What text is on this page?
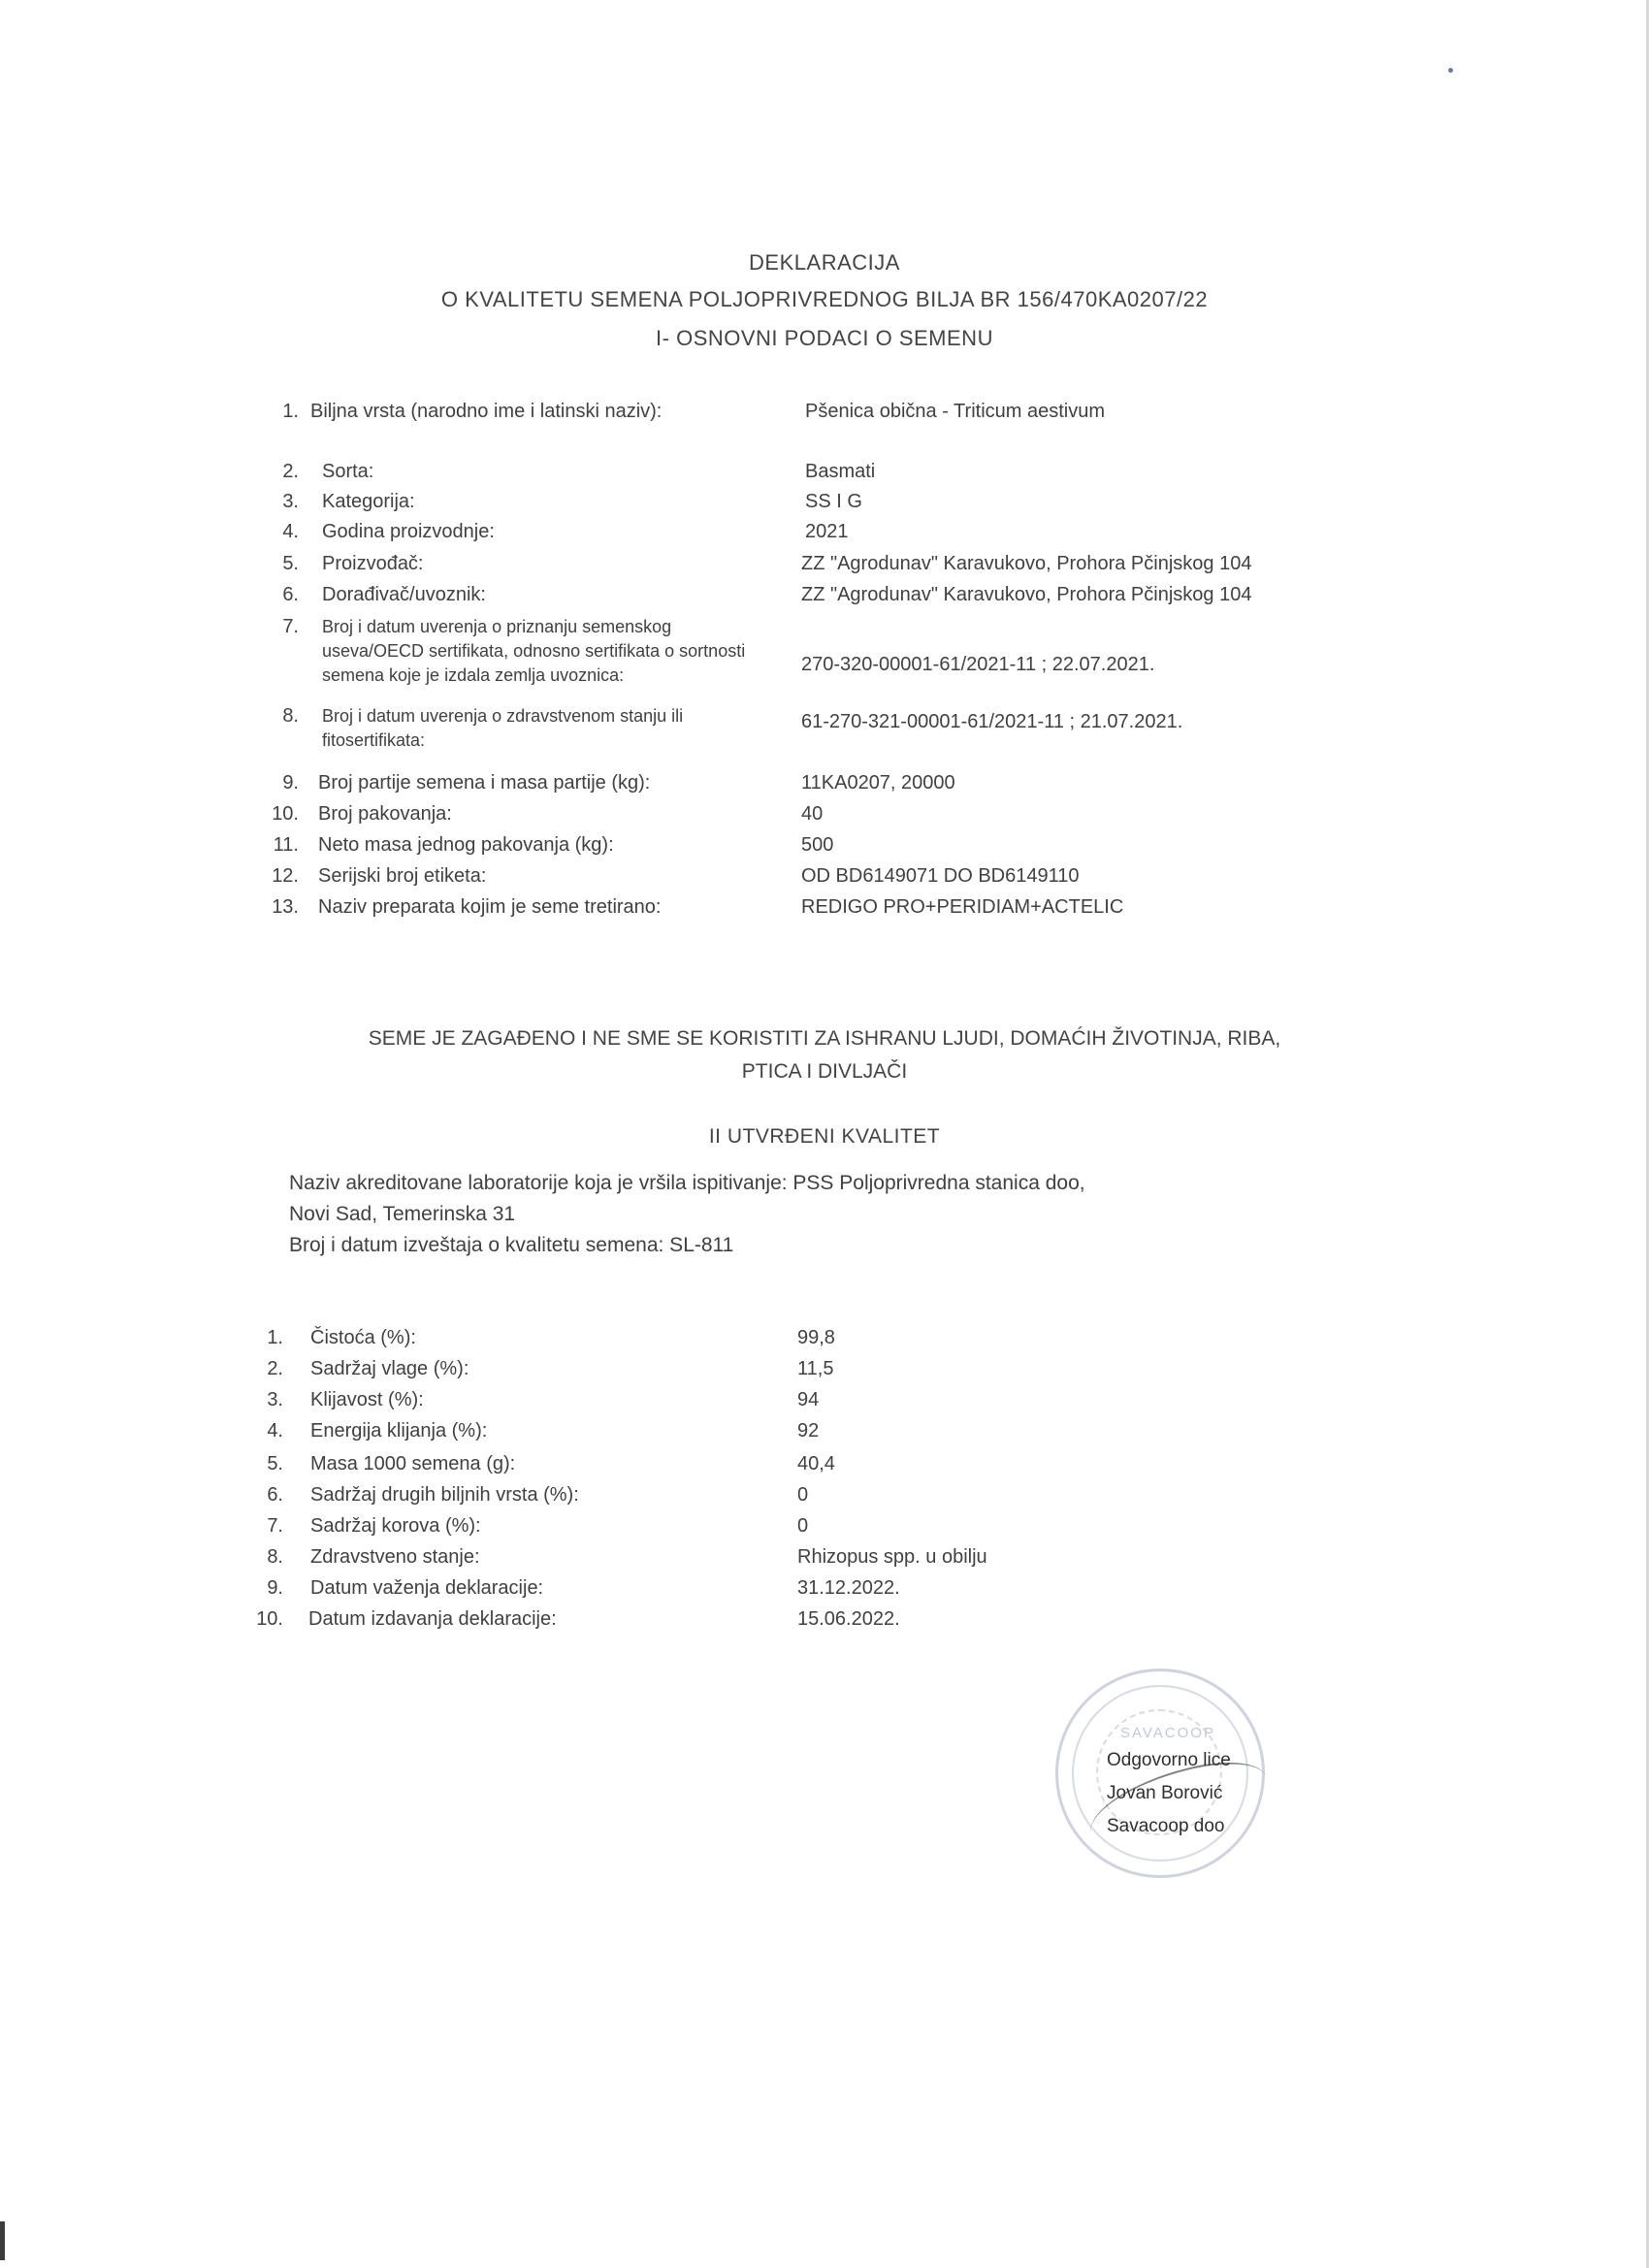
DEKLARACIJA
O KVALITETU SEMENA POLJOPRIVREDNOG BILJA BR 156/470KA0207/22
I- OSNOVNI PODACI O SEMENU
1. Biljna vrsta (narodno ime i latinski naziv):	Pšenica obična - Triticum aestivum
2. Sorta:	Basmati
3. Kategorija:	SS I G
4. Godina proizvodnje:	2021
5. Proizvođač:	ZZ "Agrodunav" Karavukovo, Prohora Pčinjskog 104
6. Dorađivač/uvoznik:	ZZ "Agrodunav" Karavukovo, Prohora Pčinjskog 104
7. Broj i datum uverenja o priznanju semenskog useva/OECD sertifikata, odnosno sertifikata o sortnosti semena koje je izdala zemlja uvoznica:	270-320-00001-61/2021-11 ; 22.07.2021.
8. Broj i datum uverenja o zdravstvenom stanju ili fitosertifikata:
61-270-321-00001-61/2021-11 ; 21.07.2021.
9. Broj partije semena i masa partije (kg):	11KA0207, 20000
10. Broj pakovanja:	40
11. Neto masa jednog pakovanja (kg):	500
12. Serijski broj etiketa:	OD BD6149071 DO BD6149110
13. Naziv preparata kojim je seme tretirano:	REDIGO PRO+PERIDIAM+ACTELIC
SEME JE ZAGAĐENO I NE SME SE KORISTITI ZA ISHRANU LJUDI, DOMAĆIH ŽIVOTINJA, RIBA,
PTICA I DIVLJAČI
II UTVRĐENI KVALITET
Naziv akreditovane laboratorije koja je vršila ispitivanje: PSS Poljoprivredna stanica doo,
Novi Sad, Temerinska 31
Broj i datum izveštaja o kvalitetu semena: SL-811
1. Čistoća (%):	99,8
2. Sadržaj vlage (%):	11,5
3. Klijavost (%):	94
4. Energija klijanja (%):	92
5. Masa 1000 semena (g):	40,4
6. Sadržaj drugih biljnih vrsta (%):	0
7. Sadržaj korova (%):	0
8. Zdravstveno stanje:	Rhizopus spp. u obilju
9. Datum važenja deklaracije:	31.12.2022.
10. Datum izdavanja deklaracije:	15.06.2022.
SAVACOOP
Odgovorno lice
Jovan Borović
Savacoop doo
